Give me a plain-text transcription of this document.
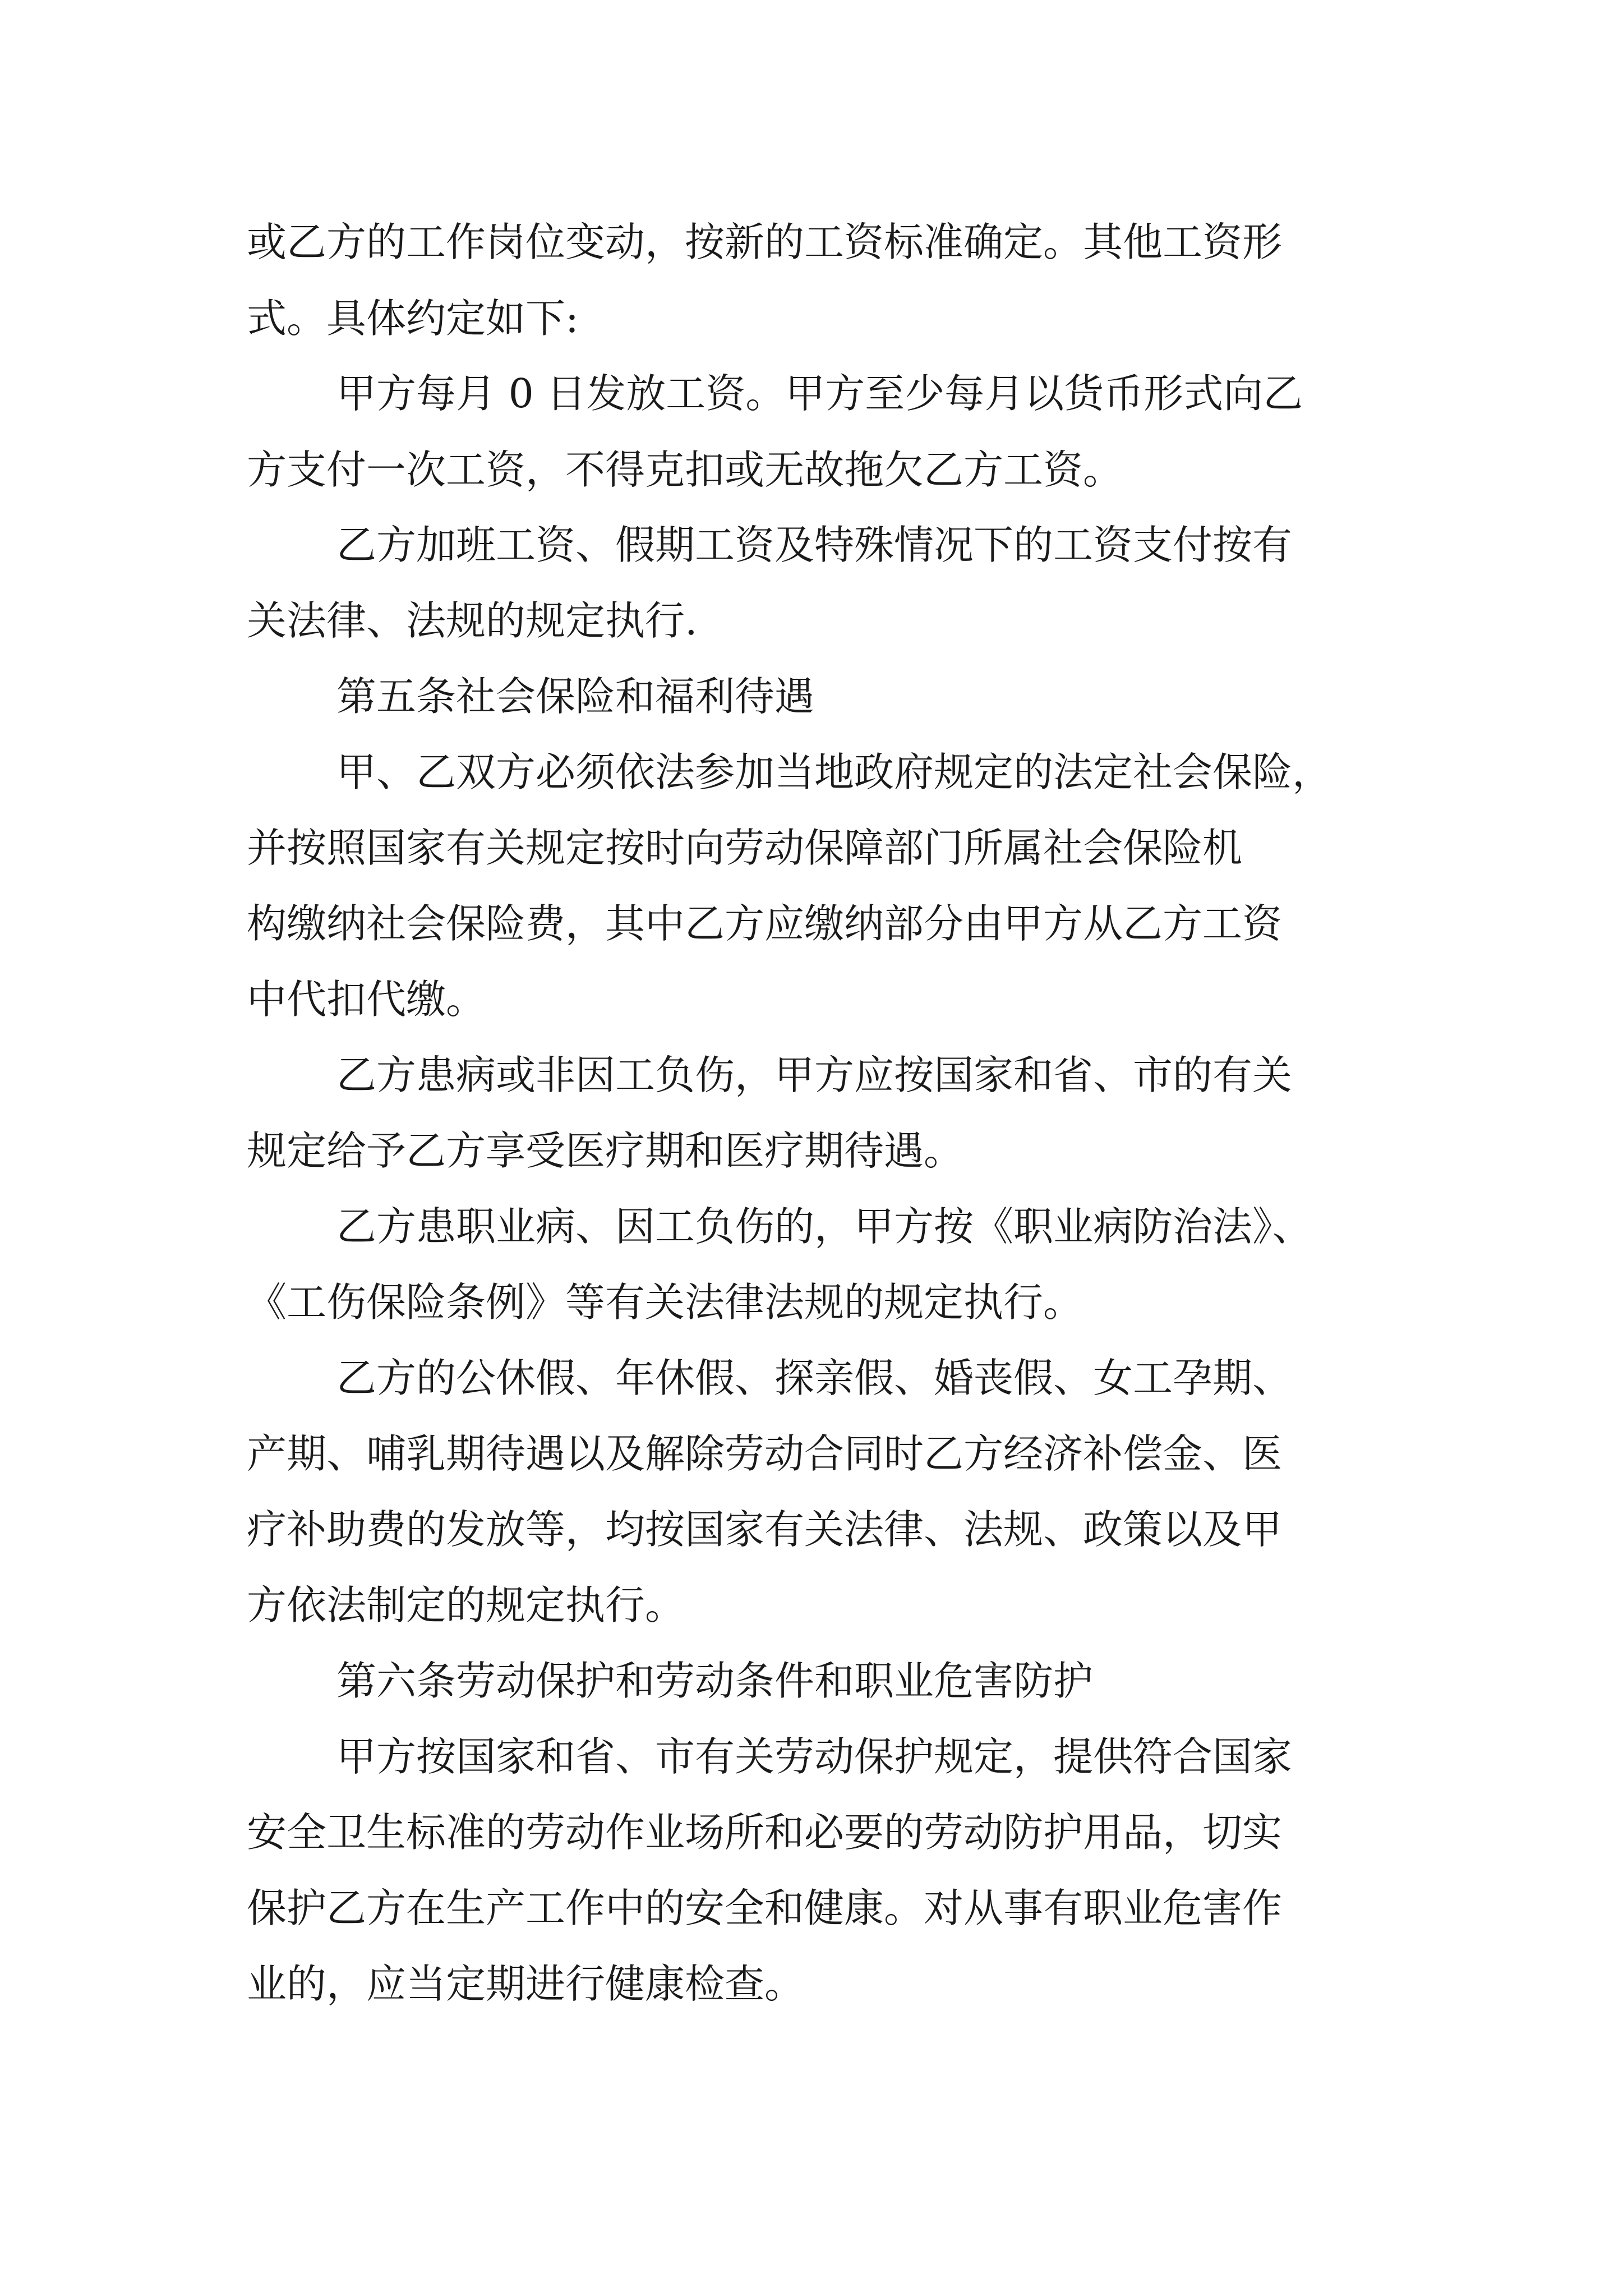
或乙方的工作岗位变动，按新的工资标准确定。其他工资形
式。具体约定如下:
甲方每月 0 日发放工资。甲方至少每月以货币形式向乙
方支付一次工资，不得克扣或无故拖欠乙方工资。
乙方加班工资、假期工资及特殊情况下的工资支付按有
关法律、法规的规定执行.
第五条社会保险和福利待遇
甲、乙双方必须依法参加当地政府规定的法定社会保险，
并按照国家有关规定按时向劳动保障部门所属社会保险机
构缴纳社会保险费，其中乙方应缴纳部分由甲方从乙方工资
中代扣代缴。
乙方患病或非因工负伤，甲方应按国家和省、市的有关
规定给予乙方享受医疗期和医疗期待遇。
乙方患职业病、因工负伤的，甲方按《职业病防治法》、
《工伤保险条例》等有关法律法规的规定执行。
乙方的公休假、年休假、探亲假、婚丧假、女工孕期、
产期、哺乳期待遇以及解除劳动合同时乙方经济补偿金、医
疗补助费的发放等，均按国家有关法律、法规、政策以及甲
方依法制定的规定执行。
第六条劳动保护和劳动条件和职业危害防护
甲方按国家和省、市有关劳动保护规定，提供符合国家
安全卫生标准的劳动作业场所和必要的劳动防护用品，切实
保护乙方在生产工作中的安全和健康。对从事有职业危害作
业的，应当定期进行健康检查。
